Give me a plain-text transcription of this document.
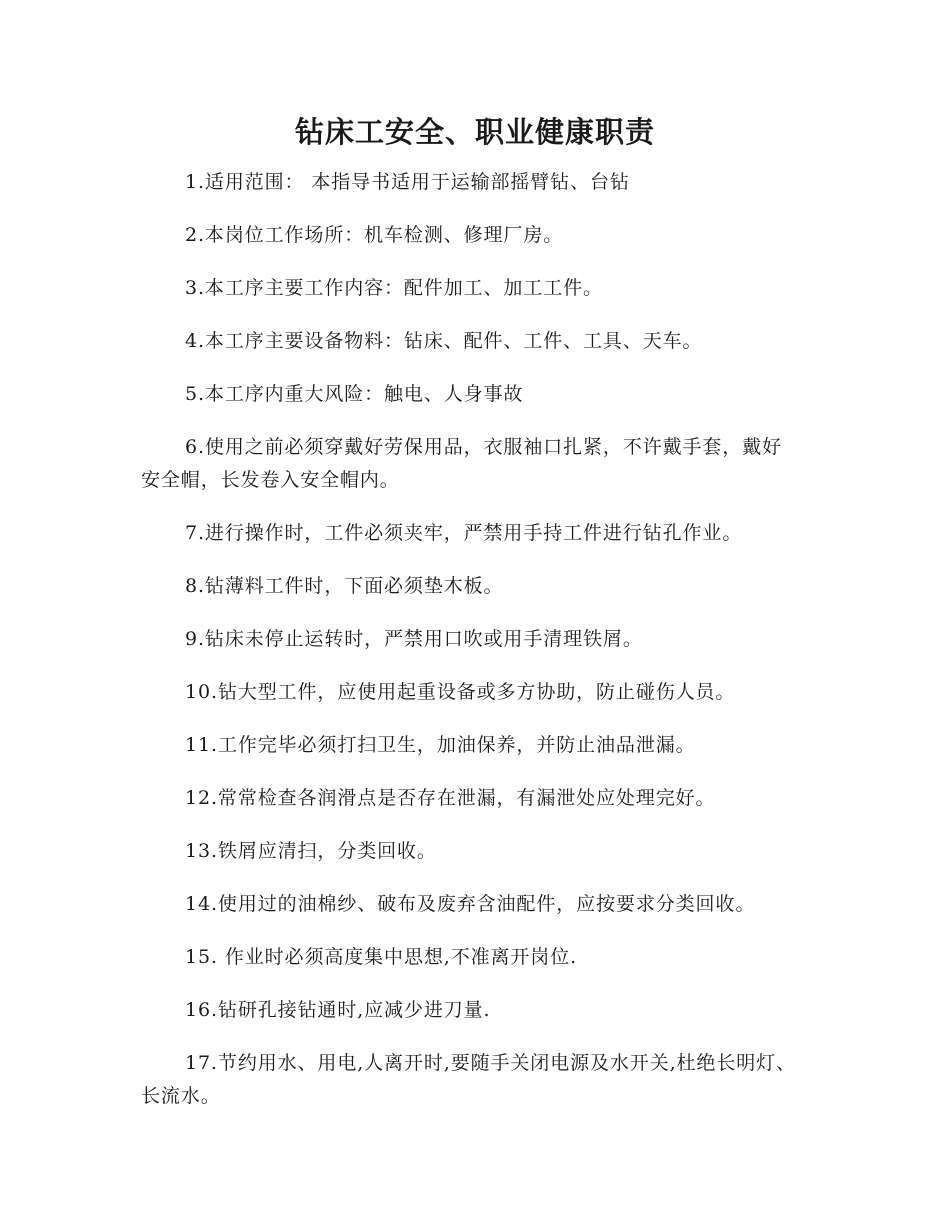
钻床工安全、职业健康职责

1.适用范围： 本指导书适用于运输部摇臂钻、台钻

2.本岗位工作场所：机车检测、修理厂房。

3.本工序主要工作内容：配件加工、加工工件。

4.本工序主要设备物料：钻床、配件、工件、工具、天车。

5.本工序内重大风险：触电、人身事故

6.使用之前必须穿戴好劳保用品，衣服袖口扎紧，不许戴手套，戴好安全帽，长发卷入安全帽内。

7.进行操作时，工件必须夹牢，严禁用手持工件进行钻孔作业。

8.钻薄料工件时，下面必须垫木板。

9.钻床未停止运转时，严禁用口吹或用手清理铁屑。

10.钻大型工件，应使用起重设备或多方协助，防止碰伤人员。

11.工作完毕必须打扫卫生，加油保养，并防止油品泄漏。

12.常常检查各润滑点是否存在泄漏，有漏泄处应处理完好。

13.铁屑应清扫，分类回收。

14.使用过的油棉纱、破布及废弃含油配件，应按要求分类回收。

15. 作业时必须高度集中思想,不准离开岗位.

16.钻研孔接钻通时,应减少进刀量.

17.节约用水、用电,人离开时,要随手关闭电源及水开关,杜绝长明灯、长流水。
